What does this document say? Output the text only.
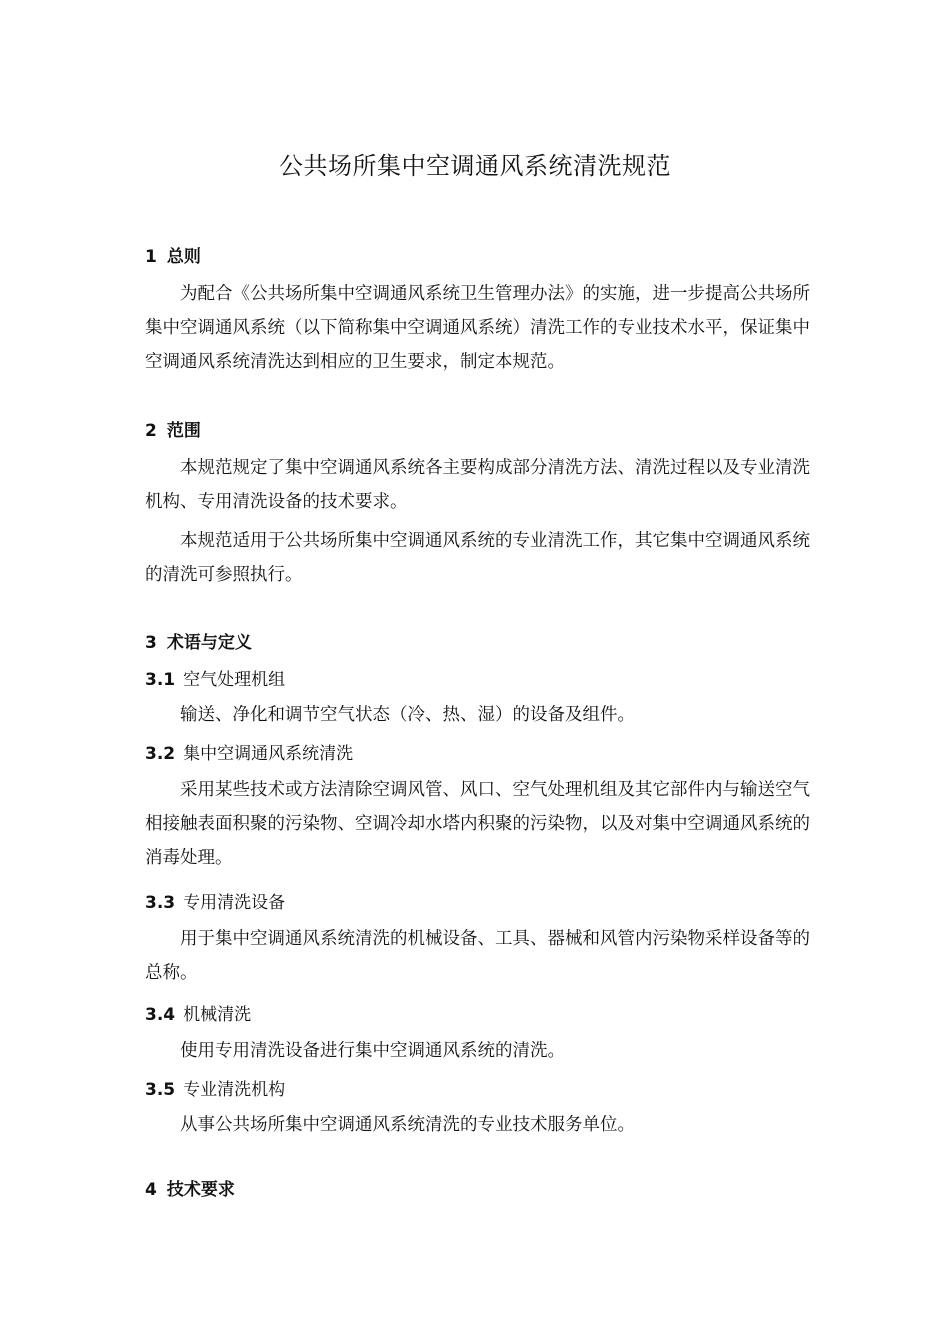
公共场所集中空调通风系统清洗规范
1 总则
为配合《公共场所集中空调通风系统卫生管理办法》的实施，进一步提高公共场所集中空调通风系统（以下简称集中空调通风系统）清洗工作的专业技术水平，保证集中空调通风系统清洗达到相应的卫生要求，制定本规范。
2 范围
本规范规定了集中空调通风系统各主要构成部分清洗方法、清洗过程以及专业清洗机构、专用清洗设备的技术要求。
本规范适用于公共场所集中空调通风系统的专业清洗工作，其它集中空调通风系统的清洗可参照执行。
3 术语与定义
3.1 空气处理机组
输送、净化和调节空气状态（冷、热、湿）的设备及组件。
3.2 集中空调通风系统清洗
采用某些技术或方法清除空调风管、风口、空气处理机组及其它部件内与输送空气相接触表面积聚的污染物、空调冷却水塔内积聚的污染物，以及对集中空调通风系统的消毒处理。
3.3 专用清洗设备
用于集中空调通风系统清洗的机械设备、工具、器械和风管内污染物采样设备等的总称。
3.4 机械清洗
使用专用清洗设备进行集中空调通风系统的清洗。
3.5 专业清洗机构
从事公共场所集中空调通风系统清洗的专业技术服务单位。
4 技术要求
